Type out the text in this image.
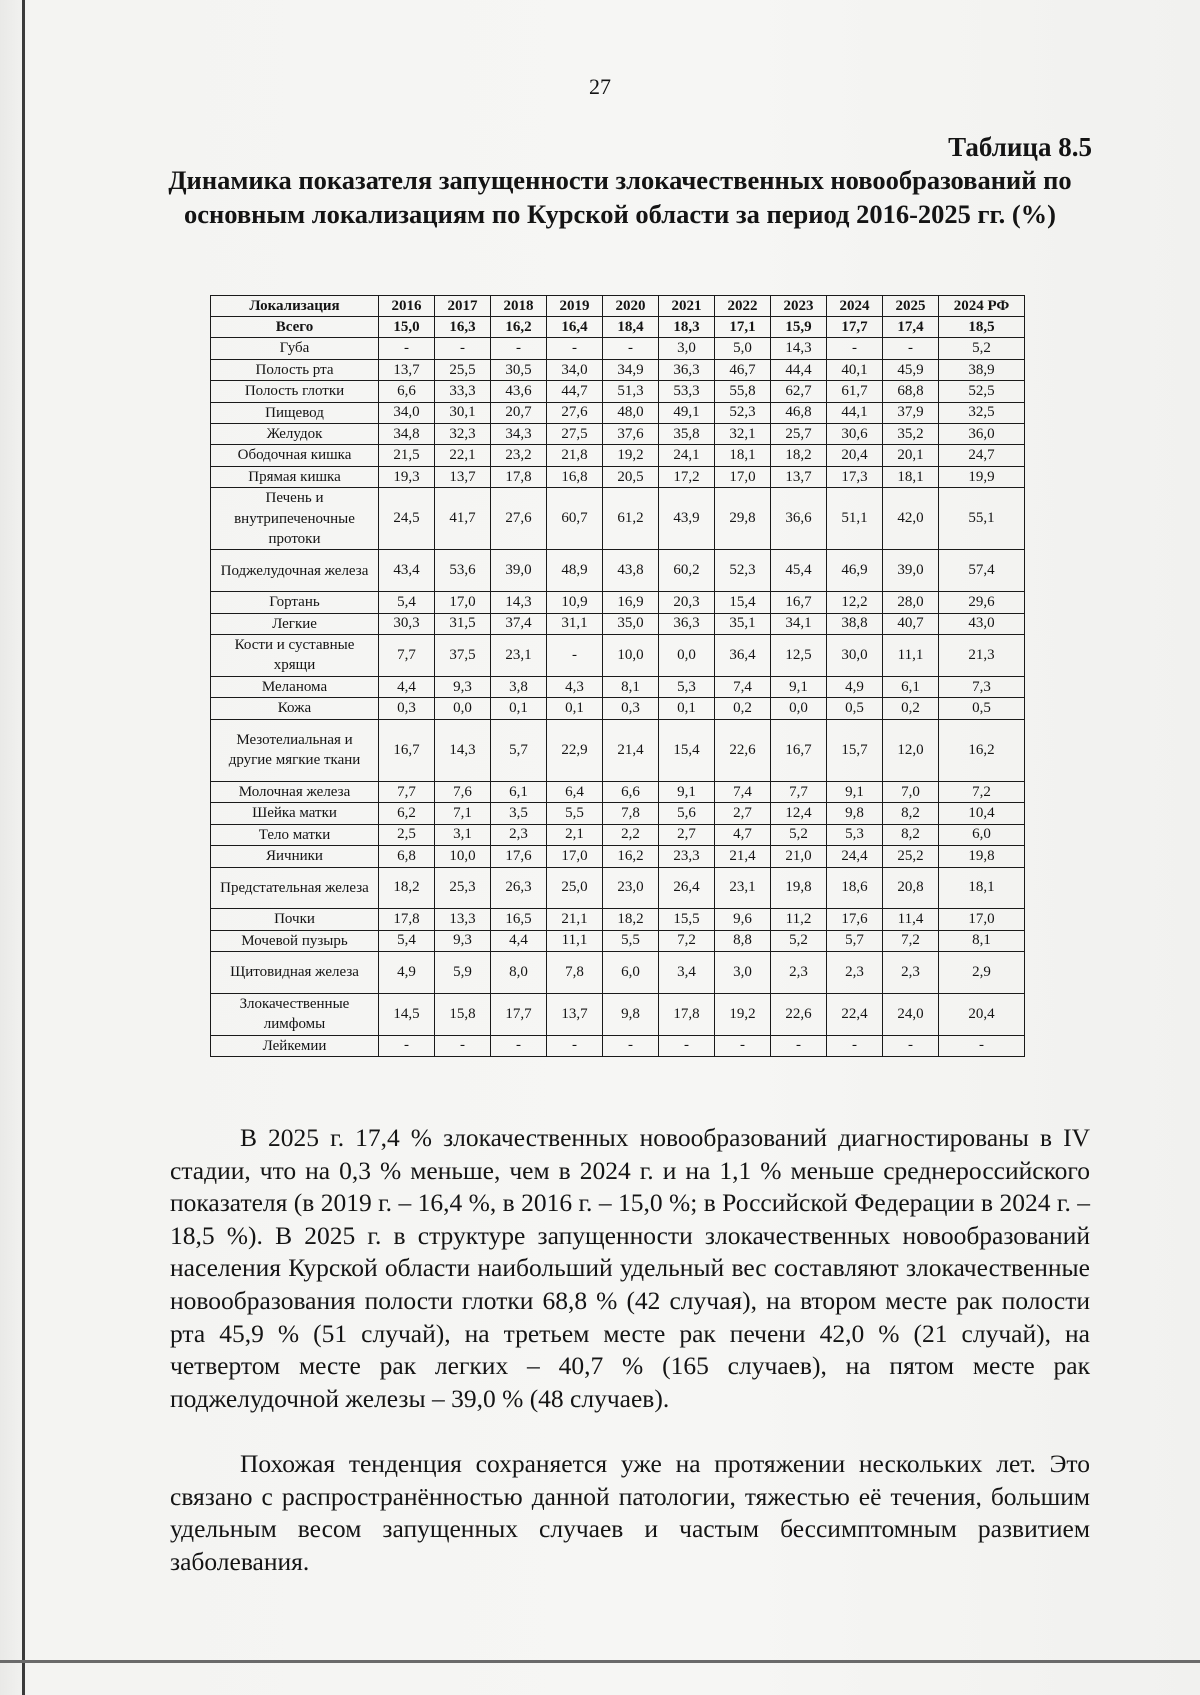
27
Таблица 8.5
Динамика показателя запущенности злокачественных новообразований по основным локализациям по Курской области за период 2016-2025 гг. (%)
Локализация	2016	2017	2018	2019	2020	2021	2022	2023	2024	2025	2024 РФ
Всего	15,0	16,3	16,2	16,4	18,4	18,3	17,1	15,9	17,7	17,4	18,5
Губа	-	-	-	-	-	3,0	5,0	14,3	-	-	5,2
Полость рта	13,7	25,5	30,5	34,0	34,9	36,3	46,7	44,4	40,1	45,9	38,9
Полость глотки	6,6	33,3	43,6	44,7	51,3	53,3	55,8	62,7	61,7	68,8	52,5
Пищевод	34,0	30,1	20,7	27,6	48,0	49,1	52,3	46,8	44,1	37,9	32,5
Желудок	34,8	32,3	34,3	27,5	37,6	35,8	32,1	25,7	30,6	35,2	36,0
Ободочная кишка	21,5	22,1	23,2	21,8	19,2	24,1	18,1	18,2	20,4	20,1	24,7
Прямая кишка	19,3	13,7	17,8	16,8	20,5	17,2	17,0	13,7	17,3	18,1	19,9
Печень и внутрипеченочные протоки	24,5	41,7	27,6	60,7	61,2	43,9	29,8	36,6	51,1	42,0	55,1
Поджелудочная железа	43,4	53,6	39,0	48,9	43,8	60,2	52,3	45,4	46,9	39,0	57,4
Гортань	5,4	17,0	14,3	10,9	16,9	20,3	15,4	16,7	12,2	28,0	29,6
Легкие	30,3	31,5	37,4	31,1	35,0	36,3	35,1	34,1	38,8	40,7	43,0
Кости и суставные хрящи	7,7	37,5	23,1	-	10,0	0,0	36,4	12,5	30,0	11,1	21,3
Меланома	4,4	9,3	3,8	4,3	8,1	5,3	7,4	9,1	4,9	6,1	7,3
Кожа	0,3	0,0	0,1	0,1	0,3	0,1	0,2	0,0	0,5	0,2	0,5
Мезотелиальная и другие мягкие ткани	16,7	14,3	5,7	22,9	21,4	15,4	22,6	16,7	15,7	12,0	16,2
Молочная железа	7,7	7,6	6,1	6,4	6,6	9,1	7,4	7,7	9,1	7,0	7,2
Шейка матки	6,2	7,1	3,5	5,5	7,8	5,6	2,7	12,4	9,8	8,2	10,4
Тело матки	2,5	3,1	2,3	2,1	2,2	2,7	4,7	5,2	5,3	8,2	6,0
Яичники	6,8	10,0	17,6	17,0	16,2	23,3	21,4	21,0	24,4	25,2	19,8
Предстательная железа	18,2	25,3	26,3	25,0	23,0	26,4	23,1	19,8	18,6	20,8	18,1
Почки	17,8	13,3	16,5	21,1	18,2	15,5	9,6	11,2	17,6	11,4	17,0
Мочевой пузырь	5,4	9,3	4,4	11,1	5,5	7,2	8,8	5,2	5,7	7,2	8,1
Щитовидная железа	4,9	5,9	8,0	7,8	6,0	3,4	3,0	2,3	2,3	2,3	2,9
Злокачественные лимфомы	14,5	15,8	17,7	13,7	9,8	17,8	19,2	22,6	22,4	24,0	20,4
Лейкемии	-	-	-	-	-	-	-	-	-	-	-
В 2025 г. 17,4 % злокачественных новообразований диагностированы в IV стадии, что на 0,3 % меньше, чем в 2024 г. и на 1,1 % меньше среднероссийского показателя (в 2019 г. – 16,4 %, в 2016 г. – 15,0 %; в Российской Федерации в 2024 г. – 18,5 %). В 2025 г. в структуре запущенности злокачественных новообразований населения Курской области наибольший удельный вес составляют злокачественные новообразования полости глотки 68,8 % (42 случая), на втором месте рак полости рта 45,9 % (51 случай), на третьем месте рак печени 42,0 % (21 случай), на четвертом месте рак легких – 40,7 % (165 случаев), на пятом месте рак поджелудочной железы – 39,0 % (48 случаев).
Похожая тенденция сохраняется уже на протяжении нескольких лет. Это связано с распространённостью данной патологии, тяжестью её течения, большим удельным весом запущенных случаев и частым бессимптомным развитием заболевания.
